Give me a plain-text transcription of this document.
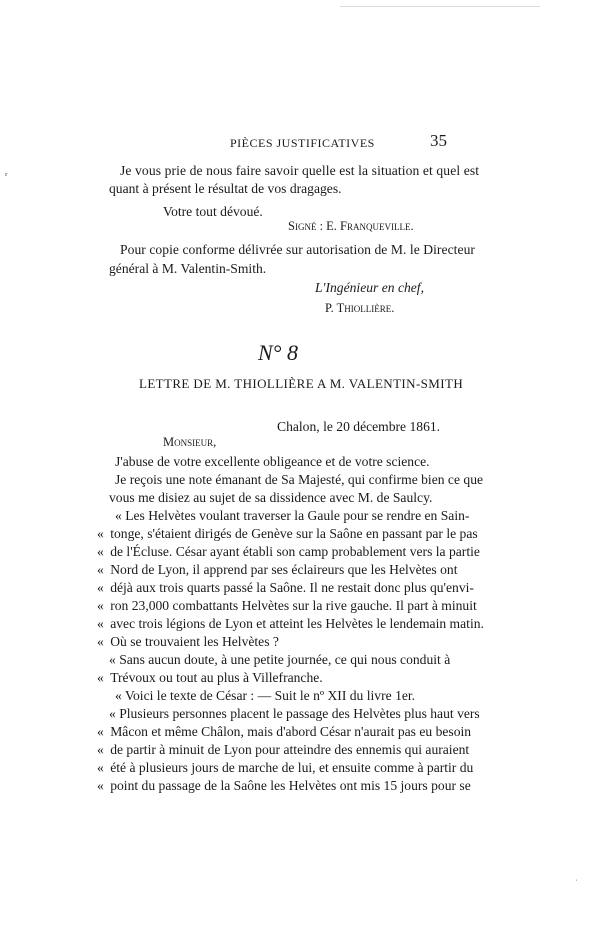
ʳ
ˈ
PIÈCES JUSTIFICATIVES	35
Je vous prie de nous faire savoir quelle est la situation et quel est
quant à présent le résultat de vos dragages.
Votre tout dévoué.
Signé : E. Franqueville.
Pour copie conforme délivrée sur autorisation de M. le Directeur
général à M. Valentin-Smith.
L'Ingénieur en chef,
P. Thiollière.
N° 8
LETTRE DE M. THIOLLIÈRE A M. VALENTIN-SMITH
Chalon, le 20 décembre 1861.
Monsieur,
J'abuse de votre excellente obligeance et de votre science.
Je reçois une note émanant de Sa Majesté, qui confirme bien ce que
vous me disiez au sujet de sa dissidence avec M. de Saulcy.
« Les Helvètes voulant traverser la Gaule pour se rendre en Sain-
« tonge, s'étaient dirigés de Genève sur la Saône en passant par le pas
« de l'Écluse. César ayant établi son camp probablement vers la partie
« Nord de Lyon, il apprend par ses éclaireurs que les Helvètes ont
« déjà aux trois quarts passé la Saône. Il ne restait donc plus qu'envi-
« ron 23,000 combattants Helvètes sur la rive gauche. Il part à minuit
« avec trois légions de Lyon et atteint les Helvètes le lendemain matin.
« Où se trouvaient les Helvètes ?
« Sans aucun doute, à une petite journée, ce qui nous conduit à
« Trévoux ou tout au plus à Villefranche.
« Voici le texte de César : — Suit le nº XII du livre 1er.
« Plusieurs personnes placent le passage des Helvètes plus haut vers
« Mâcon et même Châlon, mais d'abord César n'aurait pas eu besoin
« de partir à minuit de Lyon pour atteindre des ennemis qui auraient
« été à plusieurs jours de marche de lui, et ensuite comme à partir du
« point du passage de la Saône les Helvètes ont mis 15 jours pour se
